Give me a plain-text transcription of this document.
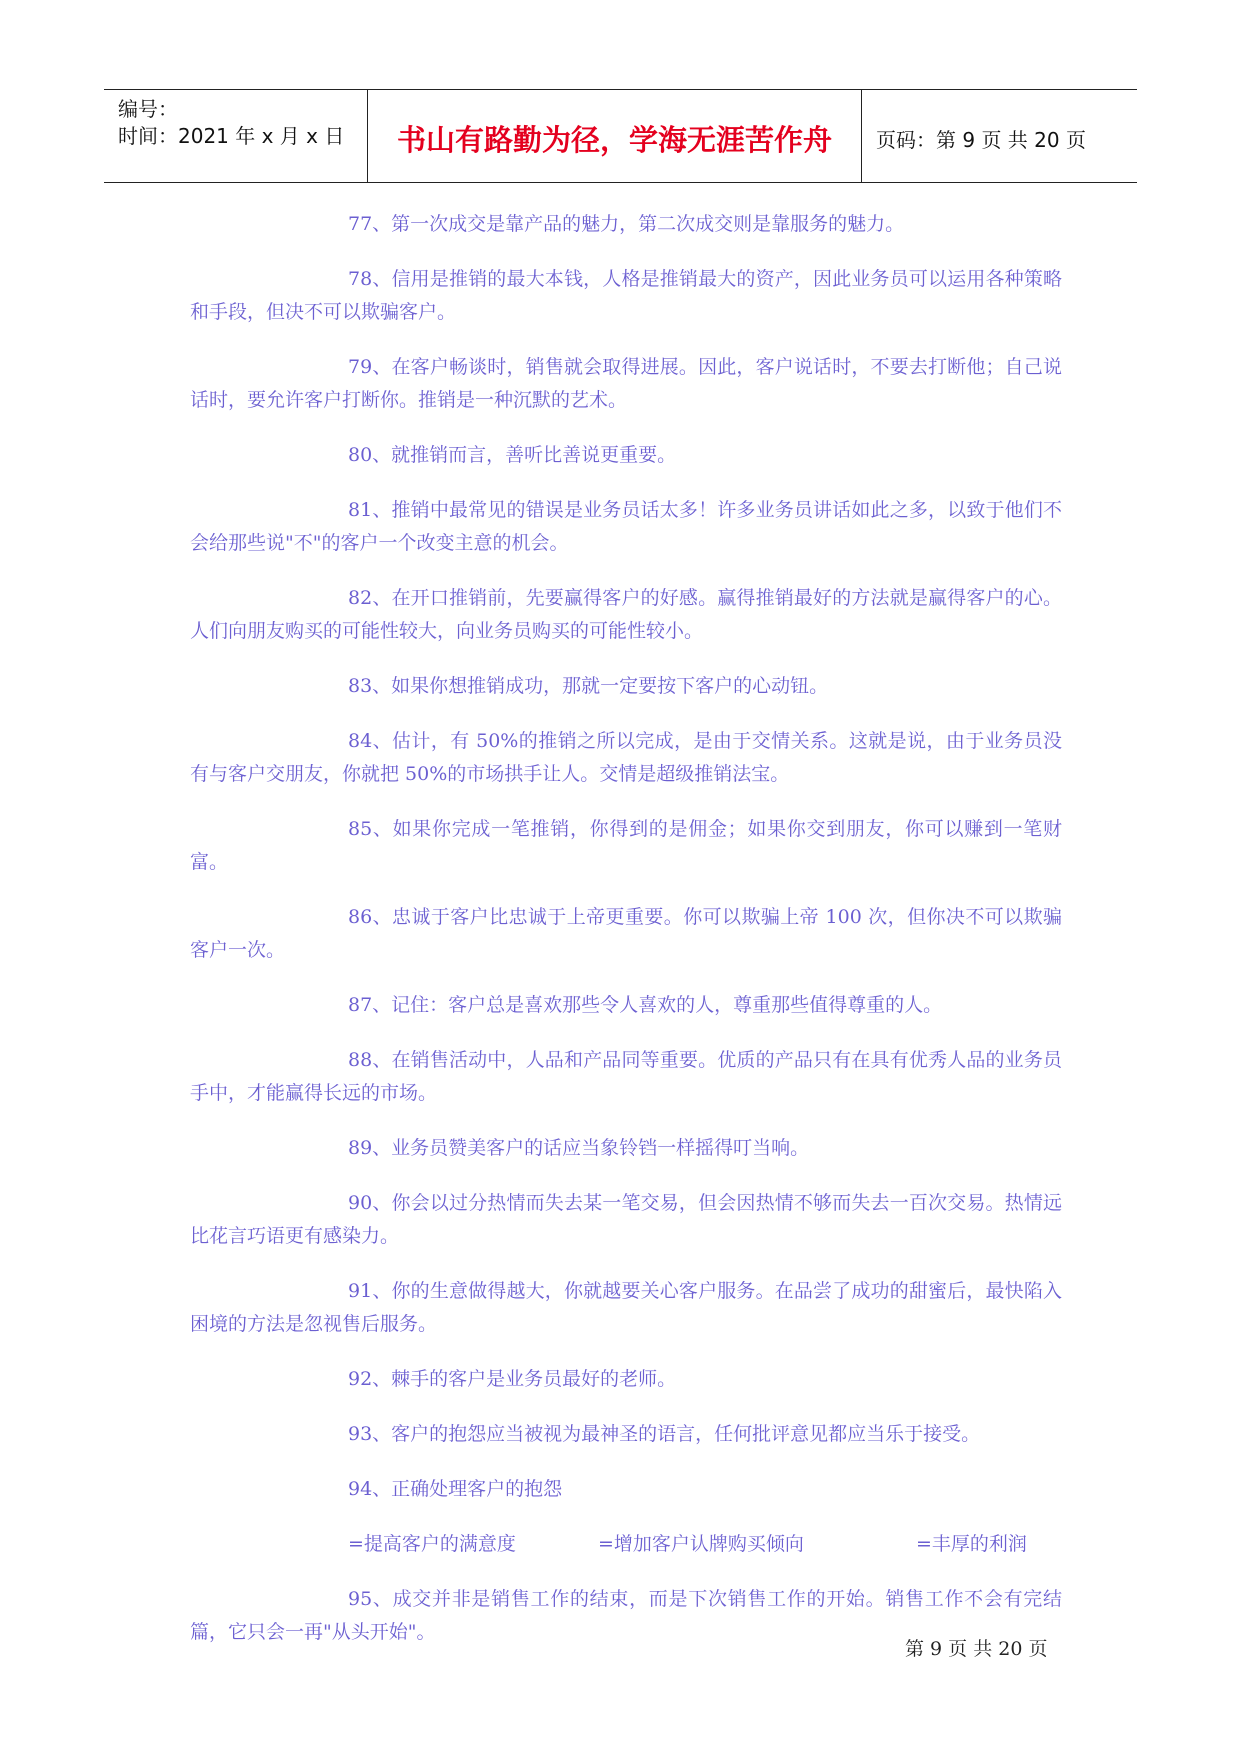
编号：
时间：2021 年 x 月 x 日	书山有路勤为径，学海无涯苦作舟	页码：第 9 页 共 20 页

77、第一次成交是靠产品的魅力，第二次成交则是靠服务的魅力。

78、信用是推销的最大本钱，人格是推销最大的资产，因此业务员可以运用各种策略和手段，但决不可以欺骗客户。

79、在客户畅谈时，销售就会取得进展。因此，客户说话时，不要去打断他；自己说话时，要允许客户打断你。推销是一种沉默的艺术。

80、就推销而言，善听比善说更重要。

81、推销中最常见的错误是业务员话太多！许多业务员讲话如此之多，以致于他们不会给那些说"不"的客户一个改变主意的机会。

82、在开口推销前，先要赢得客户的好感。赢得推销最好的方法就是赢得客户的心。人们向朋友购买的可能性较大，向业务员购买的可能性较小。

83、如果你想推销成功，那就一定要按下客户的心动钮。

84、估计，有 50%的推销之所以完成，是由于交情关系。这就是说，由于业务员没有与客户交朋友，你就把 50%的市场拱手让人。交情是超级推销法宝。

85、如果你完成一笔推销，你得到的是佣金；如果你交到朋友，你可以赚到一笔财富。

86、忠诚于客户比忠诚于上帝更重要。你可以欺骗上帝 100 次，但你决不可以欺骗客户一次。

87、记住：客户总是喜欢那些令人喜欢的人，尊重那些值得尊重的人。

88、在销售活动中，人品和产品同等重要。优质的产品只有在具有优秀人品的业务员手中，才能赢得长远的市场。

89、业务员赞美客户的话应当象铃铛一样摇得叮当响。

90、你会以过分热情而失去某一笔交易，但会因热情不够而失去一百次交易。热情远比花言巧语更有感染力。

91、你的生意做得越大，你就越要关心客户服务。在品尝了成功的甜蜜后，最快陷入困境的方法是忽视售后服务。

92、棘手的客户是业务员最好的老师。

93、客户的抱怨应当被视为最神圣的语言，任何批评意见都应当乐于接受。

94、正确处理客户的抱怨

=提高客户的满意度	=增加客户认牌购买倾向	=丰厚的利润

95、成交并非是销售工作的结束，而是下次销售工作的开始。销售工作不会有完结篇，它只会一再"从头开始"。

第 9 页 共 20 页
